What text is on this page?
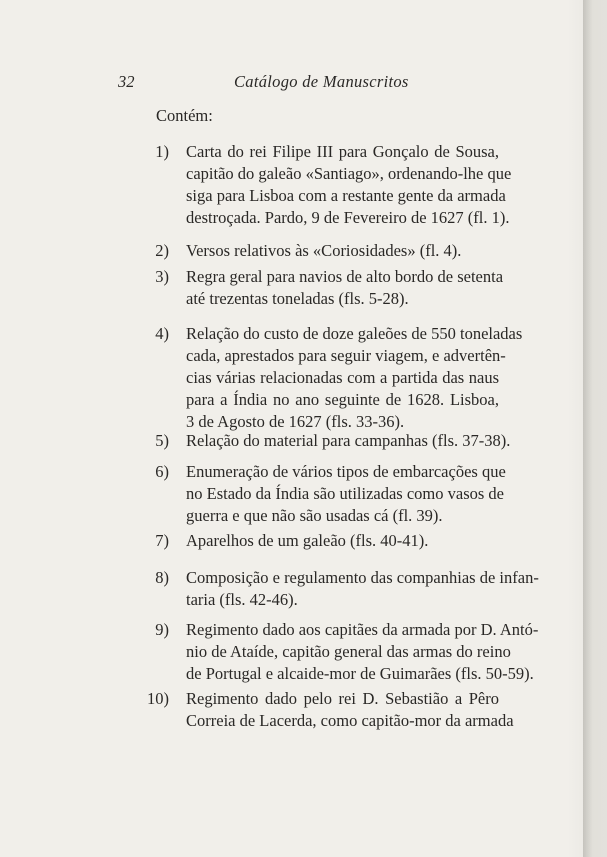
32	Catálogo de Manuscritos
Contém:
1) Carta do rei Filipe III para Gonçalo de Sousa,
capitão do galeão «Santiago», ordenando-lhe que
siga para Lisboa com a restante gente da armada
destroçada. Pardo, 9 de Fevereiro de 1627 (fl. 1).
2) Versos relativos às «Coriosidades» (fl. 4).
3) Regra geral para navios de alto bordo de setenta
até trezentas toneladas (fls. 5-28).
4) Relação do custo de doze galeões de 550 toneladas
cada, aprestados para seguir viagem, e advertên-
cias várias relacionadas com a partida das naus
para a Índia no ano seguinte de 1628. Lisboa,
3 de Agosto de 1627 (fls. 33-36).
5) Relação do material para campanhas (fls. 37-38).
6) Enumeração de vários tipos de embarcações que
no Estado da Índia são utilizadas como vasos de
guerra e que não são usadas cá (fl. 39).
7) Aparelhos de um galeão (fls. 40-41).
8) Composição e regulamento das companhias de infan-
taria (fls. 42-46).
9) Regimento dado aos capitães da armada por D. Antó-
nio de Ataíde, capitão general das armas do reino
de Portugal e alcaide-mor de Guimarães (fls. 50-59).
10) Regimento dado pelo rei D. Sebastião a Pêro
Correia de Lacerda, como capitão-mor da armada
